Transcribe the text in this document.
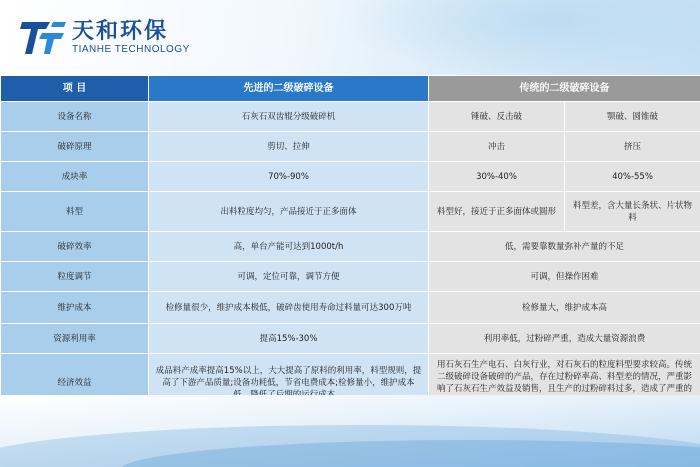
天和环保
TIANHE TECHNOLOGY
项 目	先进的二级破碎设备	传统的二级破碎设备	
设备名称	石灰石双齿辊分级破碎机	锤破、反击破	颚破、圆锥破
破碎原理	剪切、拉伸	冲击	挤压
成块率	70%-90%	30%-40%	40%-55%
料型	出料粒度均匀，产品接近于正多面体	料型好，接近于正多面体或圆形	料型差，含大量长条状、片状物料
破碎效率	高，单台产能可达到1000t/h	低，需要靠数量弥补产量的不足	
粒度调节	可调，定位可靠，调节方便	可调，但操作困难	
维护成本	检修量很少，维护成本极低，破碎齿使用寿命过料量可达300万吨	检修量大，维护成本高	
资源利用率	提高15%-30%	利用率低，过粉碎严重，造成大量资源浪费	
经济效益	成品料产成率提高15%以上，大大提高了原料的利用率，料型规则，提高了下游产品质量;设备功耗低，节省电费成本;检修量小，维护成本	用石灰石生产电石、白灰行业，对石灰石的粒度料型要求较高。传统二级破碎设备破碎的产品，存在过粉碎率高、料型差的情况，严重影响了石灰石生产效益及销售，且生产的过粉碎料过多，造成了严重的	
